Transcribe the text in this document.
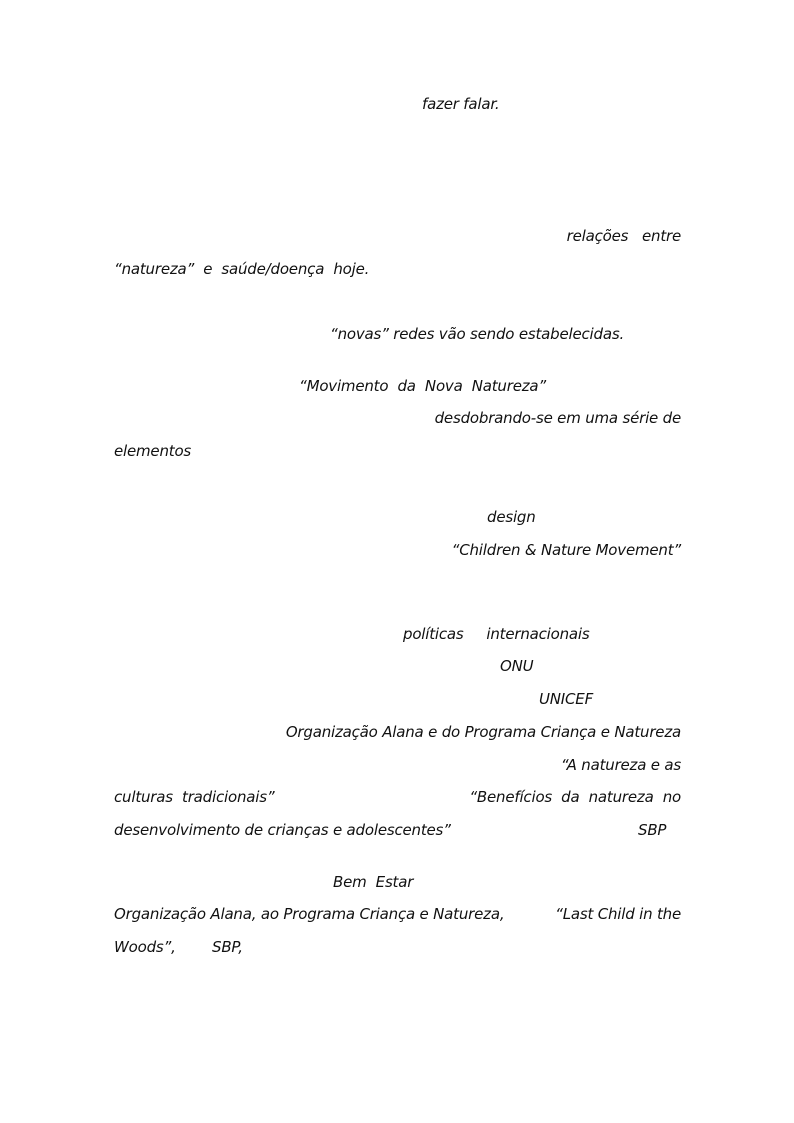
fazer falar.
relações   entre
“natureza”  e  saúde/doença  hoje.
“novas” redes vão sendo estabelecidas.
“Movimento  da  Nova  Natureza”
desdobrando-se em uma série de
elementos
design
“Children & Nature Movement”
políticas     internacionais
ONU
UNICEF
Organização Alana e do Programa Criança e Natureza
“A natureza e as
culturas  tradicionais”	“Benefícios  da  natureza  no
desenvolvimento de crianças e adolescentes”	SBP
Bem  Estar
Organização Alana, ao Programa Criança e Natureza,	“Last Child in the
Woods”, SBP,
